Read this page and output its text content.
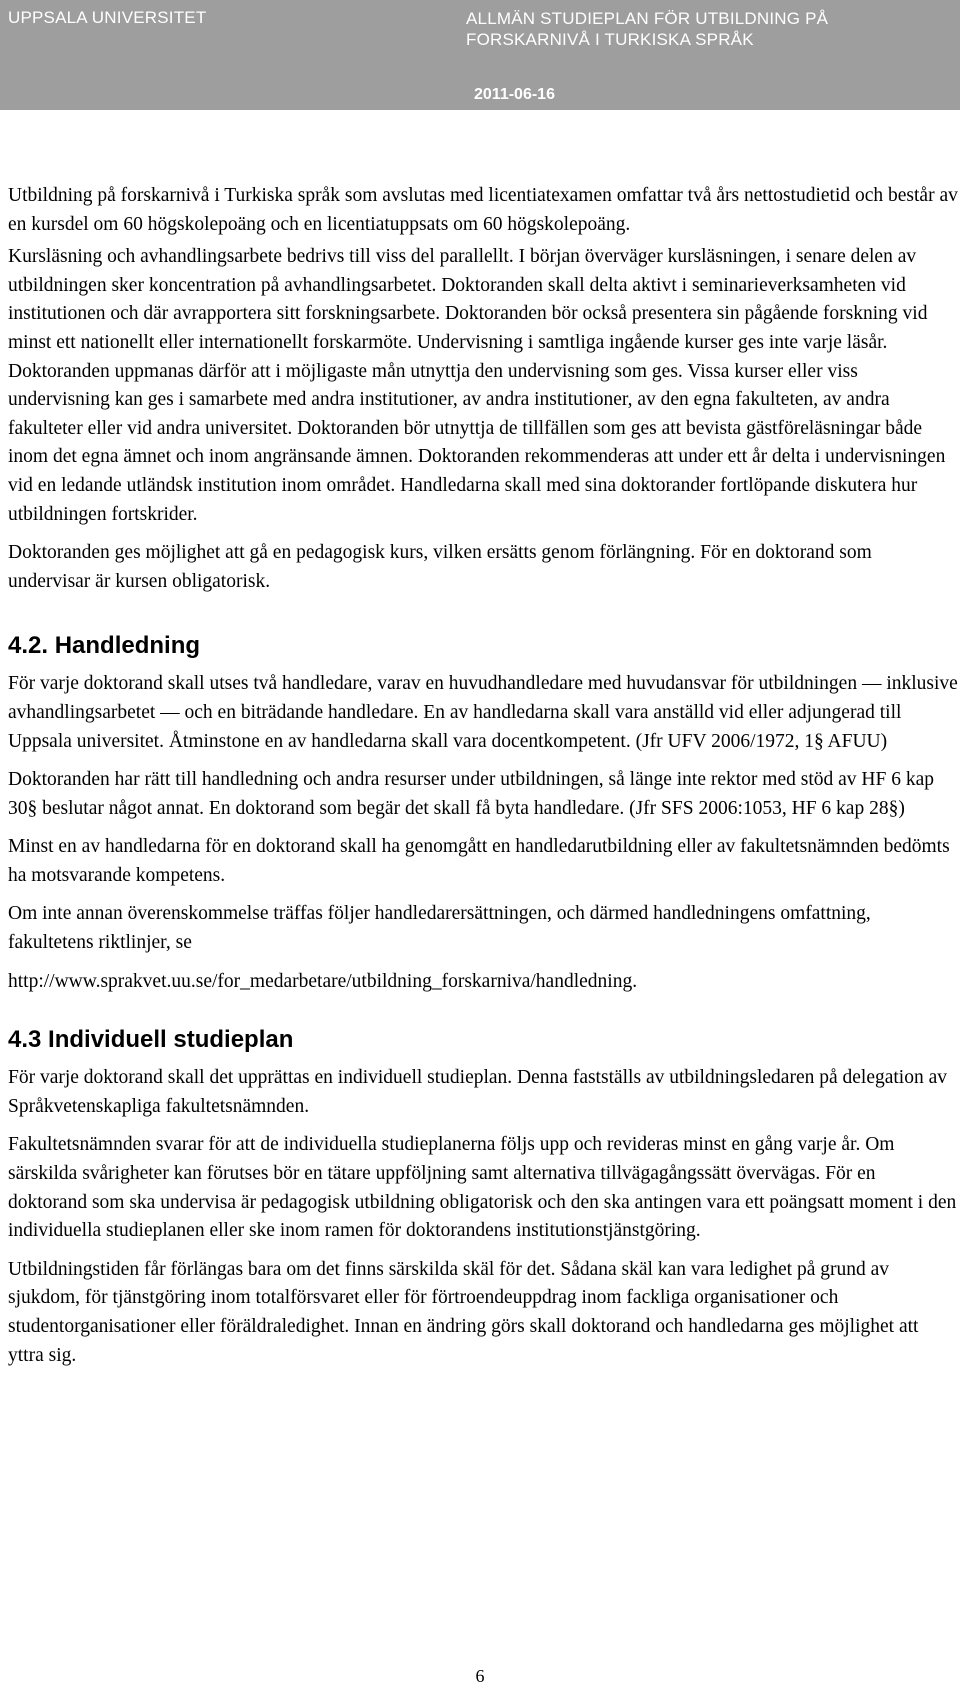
UPPSALA UNIVERSITET	ALLMÄN STUDIEPLAN FÖR UTBILDNING PÅ
FORSKARNIVÅ I TURKISKA SPRÅK
2011-06-16

Utbildning på forskarnivå i Turkiska språk som avslutas med licentiatexamen omfattar två års nettostudietid och består av en kursdel om 60 högskolepoäng och en licentiatuppsats om 60 högskolepoäng.

Kursläsning och avhandlingsarbete bedrivs till viss del parallellt. I början överväger kursläsningen, i senare delen av utbildningen sker koncentration på avhandlingsarbetet. Doktoranden skall delta aktivt i seminarieverksamheten vid institutionen och där avrapportera sitt forskningsarbete. Doktoranden bör också presentera sin pågående forskning vid minst ett nationellt eller internationellt forskarmöte. Undervisning i samtliga ingående kurser ges inte varje läsår. Doktoranden uppmanas därför att i möjligaste mån utnyttja den undervisning som ges. Vissa kurser eller viss undervisning kan ges i samarbete med andra institutioner, av andra institutioner, av den egna fakulteten, av andra fakulteter eller vid andra universitet. Doktoranden bör utnyttja de tillfällen som ges att bevista gästföreläsningar både inom det egna ämnet och inom angränsande ämnen. Doktoranden rekommenderas att under ett år delta i undervisningen vid en ledande utländsk institution inom området. Handledarna skall med sina doktorander fortlöpande diskutera hur utbildningen fortskrider.

Doktoranden ges möjlighet att gå en pedagogisk kurs, vilken ersätts genom förlängning. För en doktorand som undervisar är kursen obligatorisk.

4.2. Handledning

För varje doktorand skall utses två handledare, varav en huvudhandledare med huvudansvar för utbildningen — inklusive avhandlingsarbetet — och en biträdande handledare. En av handledarna skall vara anställd vid eller adjungerad till Uppsala universitet. Åtminstone en av handledarna skall vara docentkompetent. (Jfr UFV 2006/1972, 1§ AFUU)

Doktoranden har rätt till handledning och andra resurser under utbildningen, så länge inte rektor med stöd av HF 6 kap 30§ beslutar något annat. En doktorand som begär det skall få byta handledare. (Jfr SFS 2006:1053, HF 6 kap 28§)

Minst en av handledarna för en doktorand skall ha genomgått en handledarutbildning eller av fakultetsnämnden bedömts ha motsvarande kompetens.

Om inte annan överenskommelse träffas följer handledarersättningen, och därmed handledningens omfattning, fakultetens riktlinjer, se

http://www.sprakvet.uu.se/for_medarbetare/utbildning_forskarniva/handledning.

4.3 Individuell studieplan

För varje doktorand skall det upprättas en individuell studieplan. Denna fastställs av utbildningsledaren på delegation av Språkvetenskapliga fakultetsnämnden.

Fakultetsnämnden svarar för att de individuella studieplanerna följs upp och revideras minst en gång varje år. Om särskilda svårigheter kan förutses bör en tätare uppföljning samt alternativa tillvägagångssätt övervägas. För en doktorand som ska undervisa är pedagogisk utbildning obligatorisk och den ska antingen vara ett poängsatt moment i den individuella studieplanen eller ske inom ramen för doktorandens institutionstjänstgöring.

Utbildningstiden får förlängas bara om det finns särskilda skäl för det. Sådana skäl kan vara ledighet på grund av sjukdom, för tjänstgöring inom totalförsvaret eller för förtroendeuppdrag inom fackliga organisationer och studentorganisationer eller föräldraledighet. Innan en ändring görs skall doktorand och handledarna ges möjlighet att yttra sig.

6
